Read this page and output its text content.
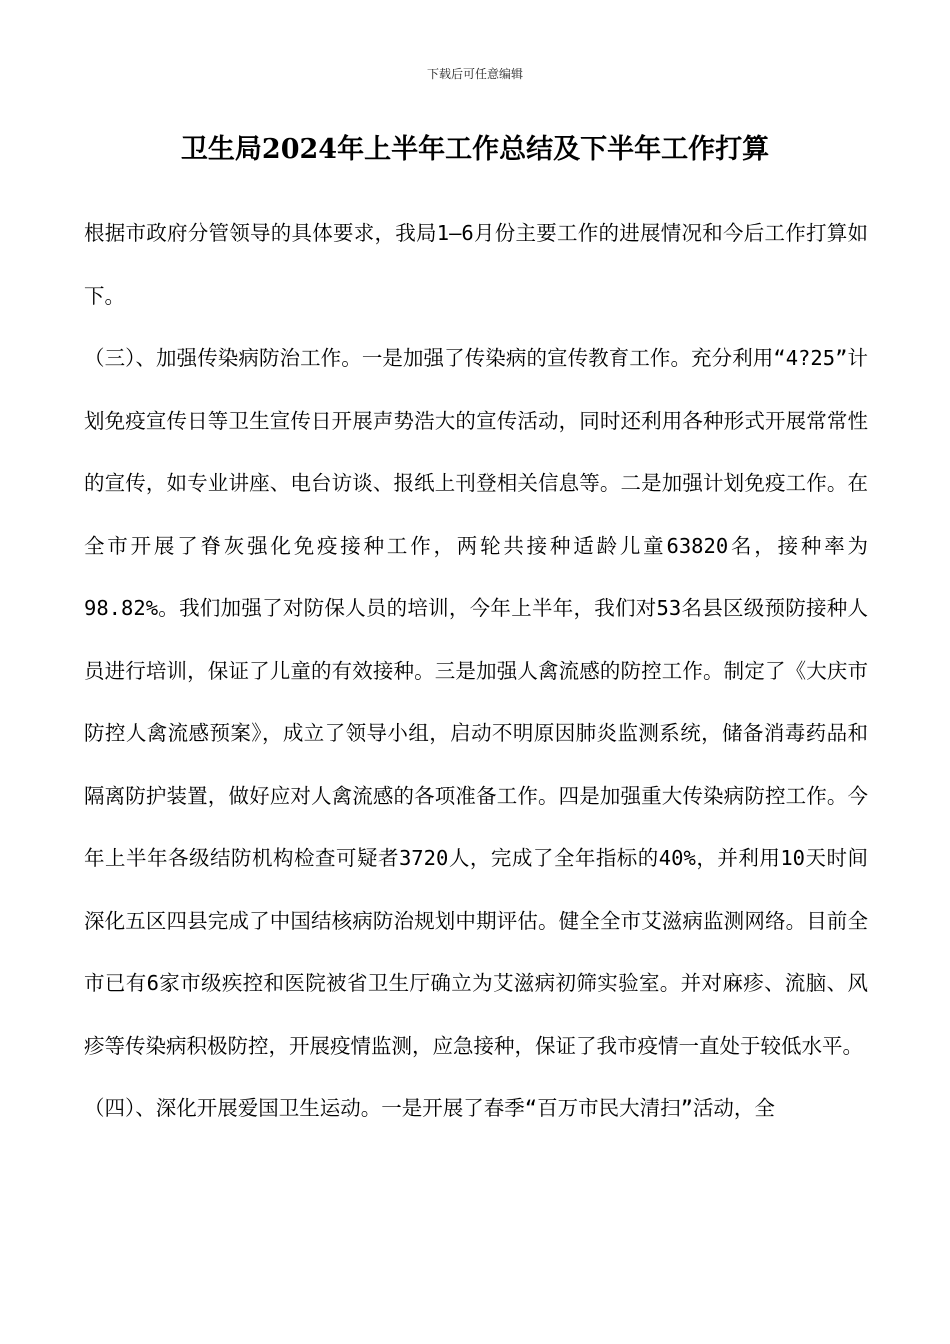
下载后可任意编辑
卫生局2024年上半年工作总结及下半年工作打算

根据市政府分管领导的具体要求，我局1—6月份主要工作的进展情况和今后工作打算如下。

（三）、加强传染病防治工作。一是加强了传染病的宣传教育工作。充分利用“4?25”计划免疫宣传日等卫生宣传日开展声势浩大的宣传活动，同时还利用各种形式开展常常性的宣传，如专业讲座、电台访谈、报纸上刊登相关信息等。二是加强计划免疫工作。在全市开展了脊灰强化免疫接种工作，两轮共接种适龄儿童63820名，接种率为98.82%。我们加强了对防保人员的培训，今年上半年，我们对53名县区级预防接种人员进行培训，保证了儿童的有效接种。三是加强人禽流感的防控工作。制定了《大庆市防控人禽流感预案》，成立了领导小组，启动不明原因肺炎监测系统，储备消毒药品和隔离防护装置，做好应对人禽流感的各项准备工作。四是加强重大传染病防控工作。今年上半年各级结防机构检查可疑者3720人，完成了全年指标的40%，并利用10天时间深化五区四县完成了中国结核病防治规划中期评估。健全全市艾滋病监测网络。目前全市已有6家市级疾控和医院被省卫生厅确立为艾滋病初筛实验室。并对麻疹、流脑、风疹等传染病积极防控，开展疫情监测，应急接种，保证了我市疫情一直处于较低水平。

（四）、深化开展爱国卫生运动。一是开展了春季“百万市民大清扫”活动，全
